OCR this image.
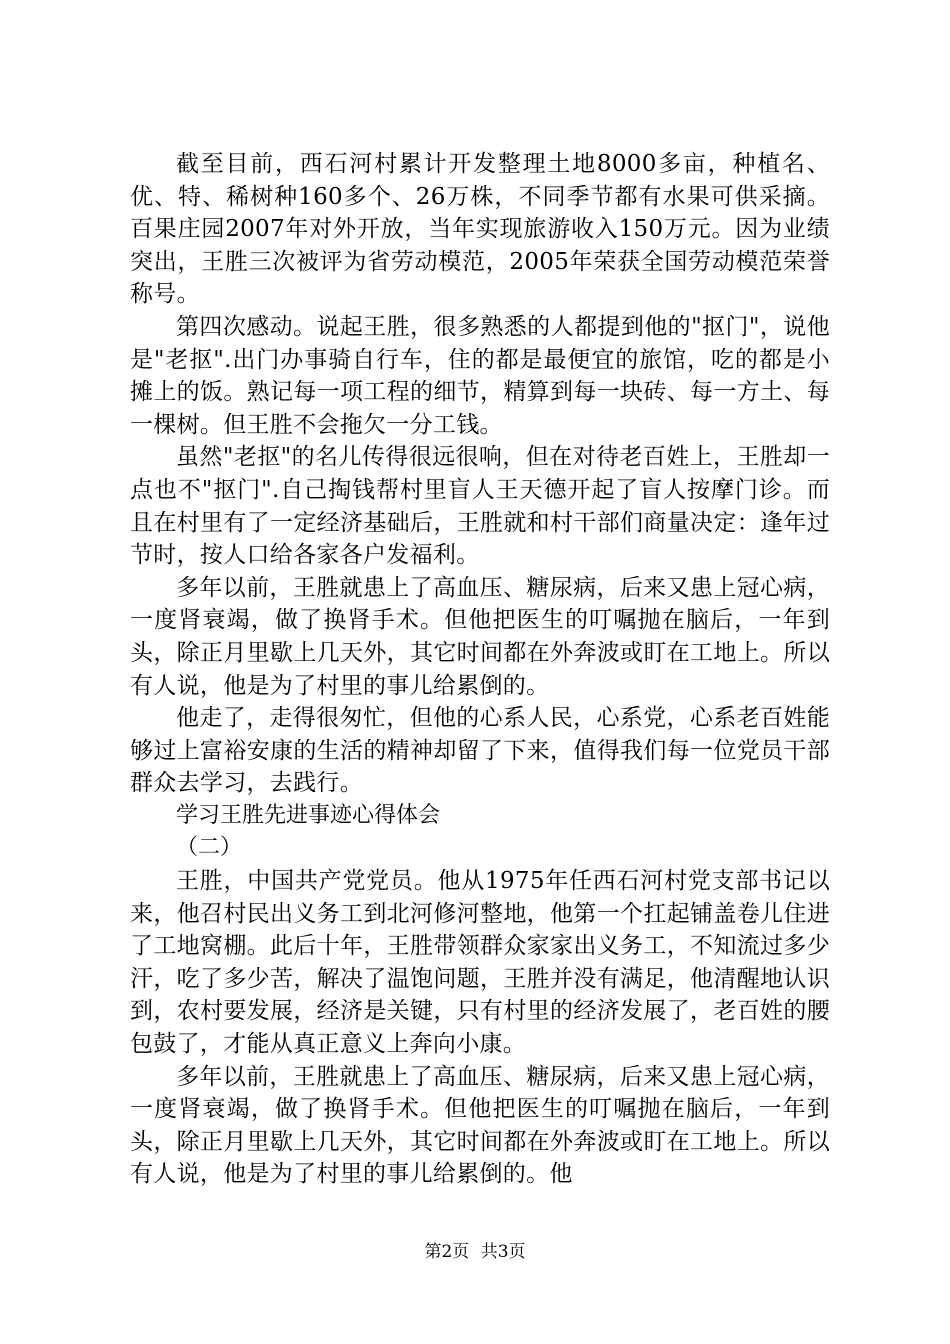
截至目前，西石河村累计开发整理土地8000多亩，种植名、优、特、稀树种160多个、26万株，不同季节都有水果可供采摘。百果庄园2007年对外开放，当年实现旅游收入150万元。因为业绩突出，王胜三次被评为省劳动模范，2005年荣获全国劳动模范荣誉称号。

第四次感动。说起王胜，很多熟悉的人都提到他的"抠门"，说他是"老抠".出门办事骑自行车，住的都是最便宜的旅馆，吃的都是小摊上的饭。熟记每一项工程的细节，精算到每一块砖、每一方土、每一棵树。但王胜不会拖欠一分工钱。

虽然"老抠"的名儿传得很远很响，但在对待老百姓上，王胜却一点也不"抠门".自己掏钱帮村里盲人王天德开起了盲人按摩门诊。而且在村里有了一定经济基础后，王胜就和村干部们商量决定：逢年过节时，按人口给各家各户发福利。

多年以前，王胜就患上了高血压、糖尿病，后来又患上冠心病，一度肾衰竭，做了换肾手术。但他把医生的叮嘱抛在脑后，一年到头，除正月里歇上几天外，其它时间都在外奔波或盯在工地上。所以有人说，他是为了村里的事儿给累倒的。

他走了，走得很匆忙，但他的心系人民，心系党，心系老百姓能够过上富裕安康的生活的精神却留了下来，值得我们每一位党员干部群众去学习，去践行。

学习王胜先进事迹心得体会

（二）

王胜，中国共产党党员。他从1975年任西石河村党支部书记以来，他召村民出义务工到北河修河整地，他第一个扛起铺盖卷儿住进了工地窝棚。此后十年，王胜带领群众家家出义务工，不知流过多少汗，吃了多少苦，解决了温饱问题，王胜并没有满足，他清醒地认识到，农村要发展，经济是关键，只有村里的经济发展了，老百姓的腰包鼓了，才能从真正意义上奔向小康。

多年以前，王胜就患上了高血压、糖尿病，后来又患上冠心病，一度肾衰竭，做了换肾手术。但他把医生的叮嘱抛在脑后，一年到头，除正月里歇上几天外，其它时间都在外奔波或盯在工地上。所以有人说，他是为了村里的事儿给累倒的。他

第2页 共3页
